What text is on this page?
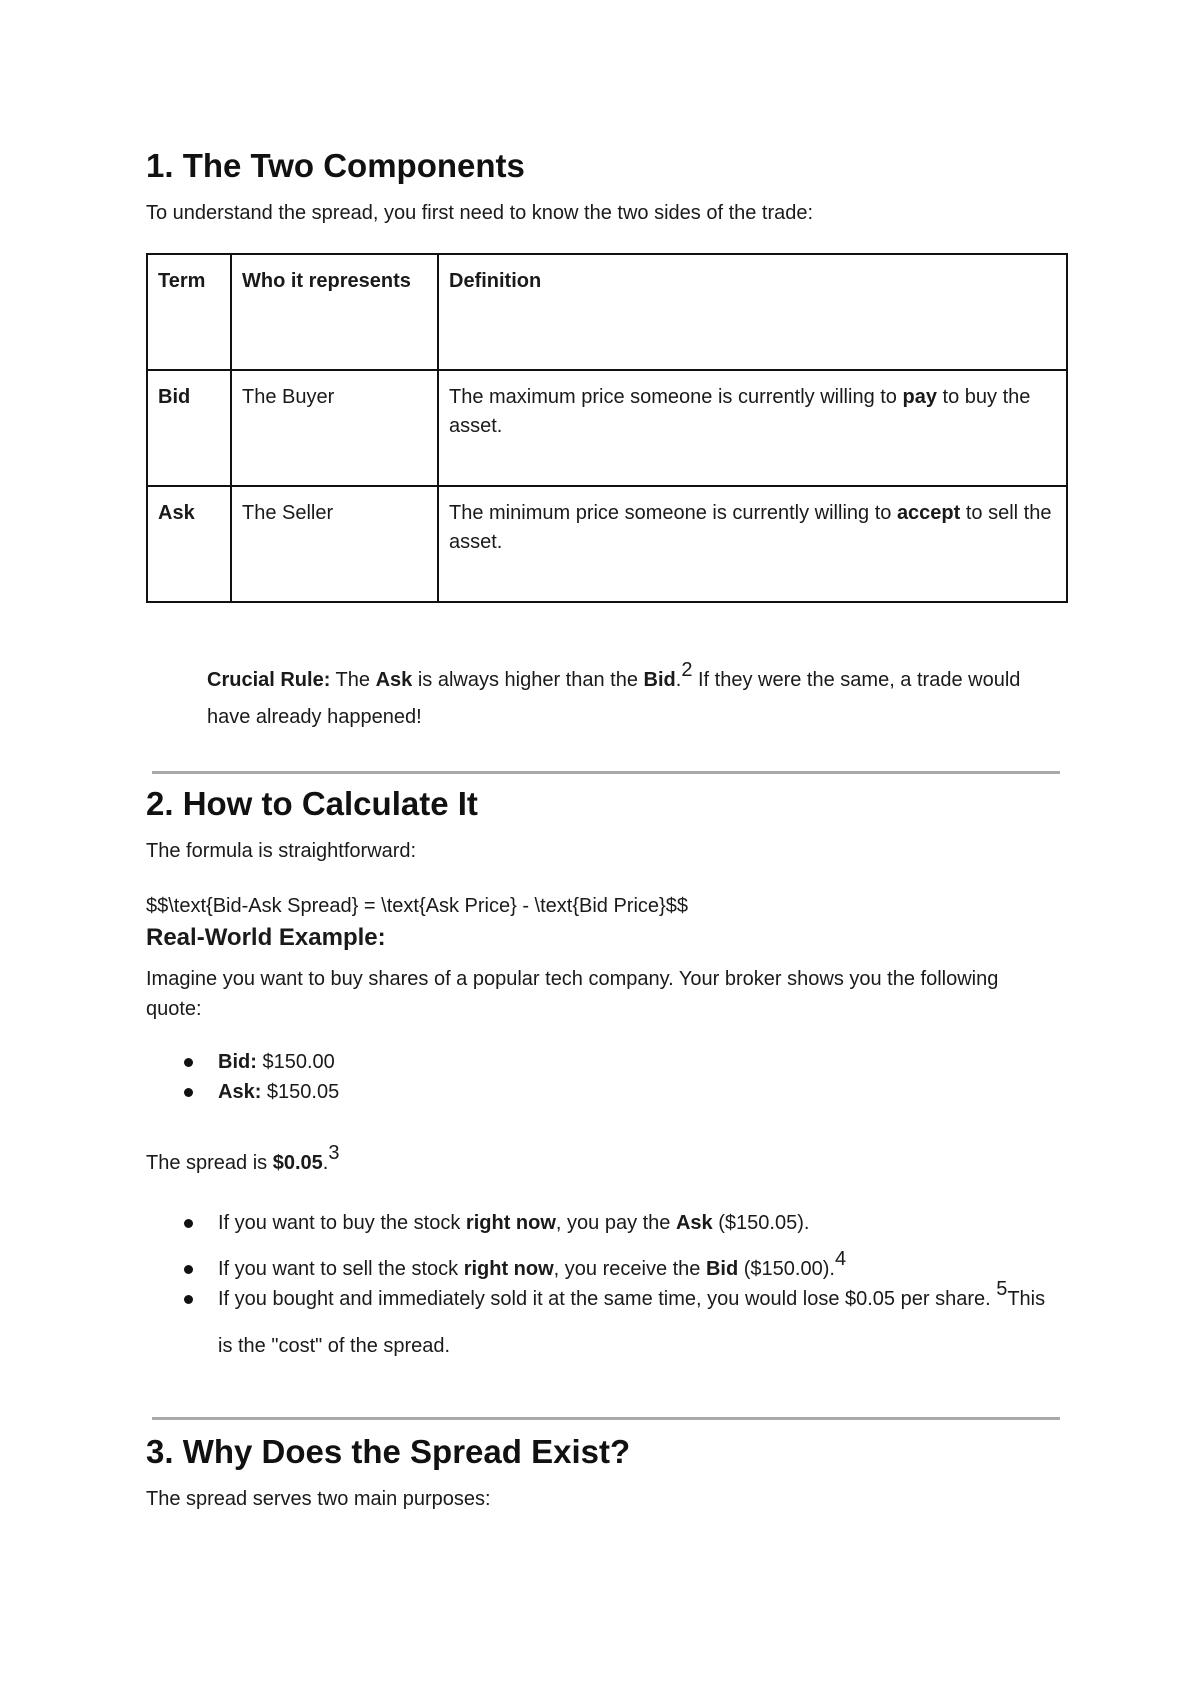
1. The Two Components

To understand the spread, you first need to know the two sides of the trade:

Term	Who it represents	Definition
Bid	The Buyer	The maximum price someone is currently willing to pay to buy the asset.
Ask	The Seller	The minimum price someone is currently willing to accept to sell the asset.

Crucial Rule: The Ask is always higher than the Bid.$^2$ If they were the same, a trade would have already happened!

2. How to Calculate It

The formula is straightforward:

$$\text{Bid-Ask Spread} = \text{Ask Price} - \text{Bid Price}$$

Real-World Example:

Imagine you want to buy shares of a popular tech company. Your broker shows you the following quote:

Bid: $150.00
Ask: $150.05

The spread is $0.05.$^3$

If you want to buy the stock right now, you pay the Ask ($150.05).
If you want to sell the stock right now, you receive the Bid ($150.00).$^4$
If you bought and immediately sold it at the same time, you would lose $0.05 per share. $^5$This is the "cost" of the spread.
3. Why Does the Spread Exist?

The spread serves two main purposes:
